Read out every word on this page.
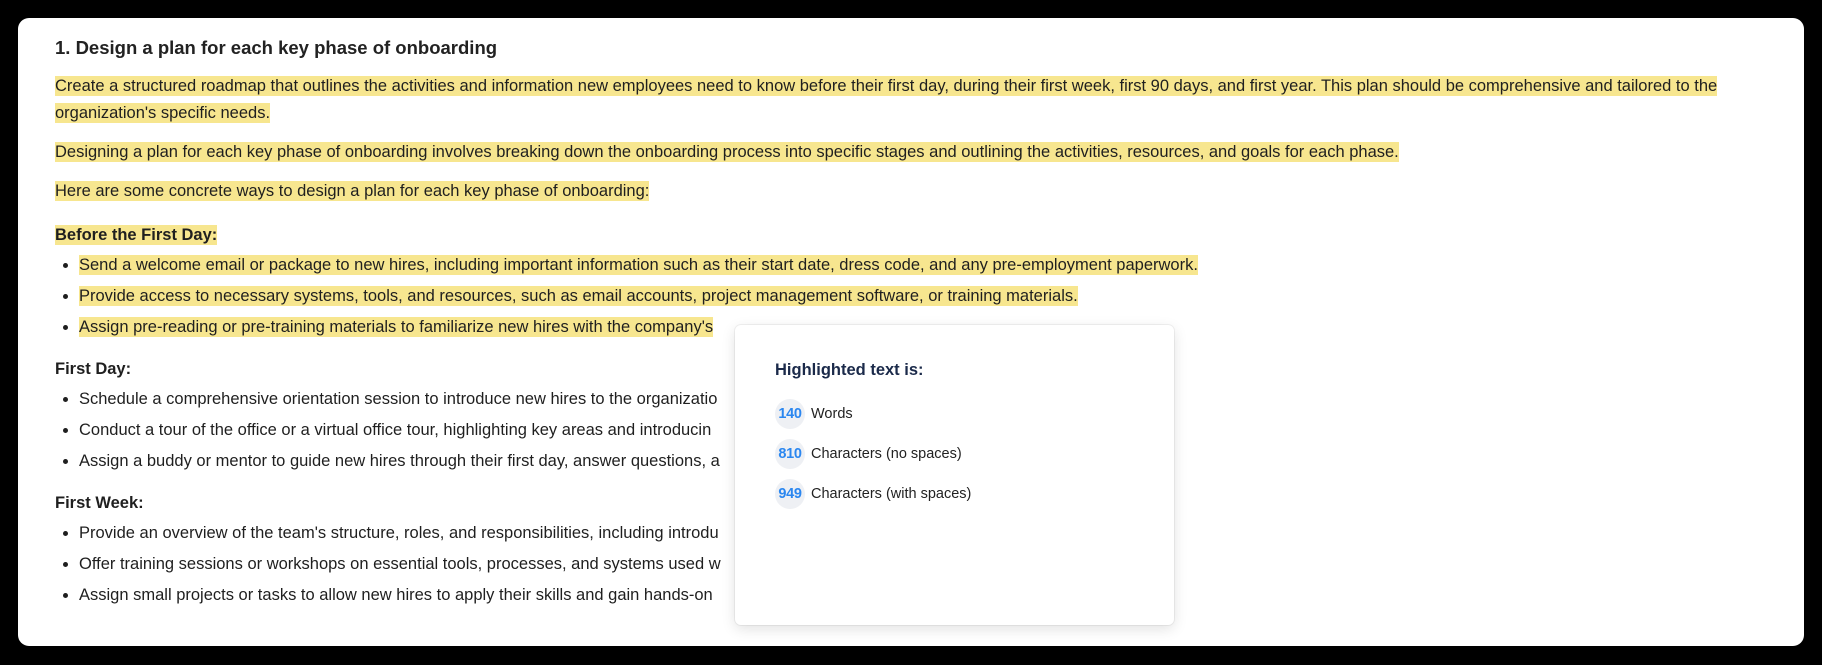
1. Design a plan for each key phase of onboarding

Create a structured roadmap that outlines the activities and information new employees need to know before their first day, during their first week, first 90 days, and first year. This plan should be comprehensive and tailored to the organization's specific needs.

Designing a plan for each key phase of onboarding involves breaking down the onboarding process into specific stages and outlining the activities, resources, and goals for each phase.

Here are some concrete ways to design a plan for each key phase of onboarding:

Before the First Day:
• Send a welcome email or package to new hires, including important information such as their start date, dress code, and any pre-employment paperwork.
• Provide access to necessary systems, tools, and resources, such as email accounts, project management software, or training materials.
• Assign pre-reading or pre-training materials to familiarize new hires with the company's
First Day:
• Schedule a comprehensive orientation session to introduce new hires to the organizatio
• Conduct a tour of the office or a virtual office tour, highlighting key areas and introducin
• Assign a buddy or mentor to guide new hires through their first day, answer questions, a
First Week:
• Provide an overview of the team's structure, roles, and responsibilities, including introdu
• Offer training sessions or workshops on essential tools, processes, and systems used w
• Assign small projects or tasks to allow new hires to apply their skills and gain hands-on
Highlighted text is:
140 Words
810 Characters (no spaces)
949 Characters (with spaces)
